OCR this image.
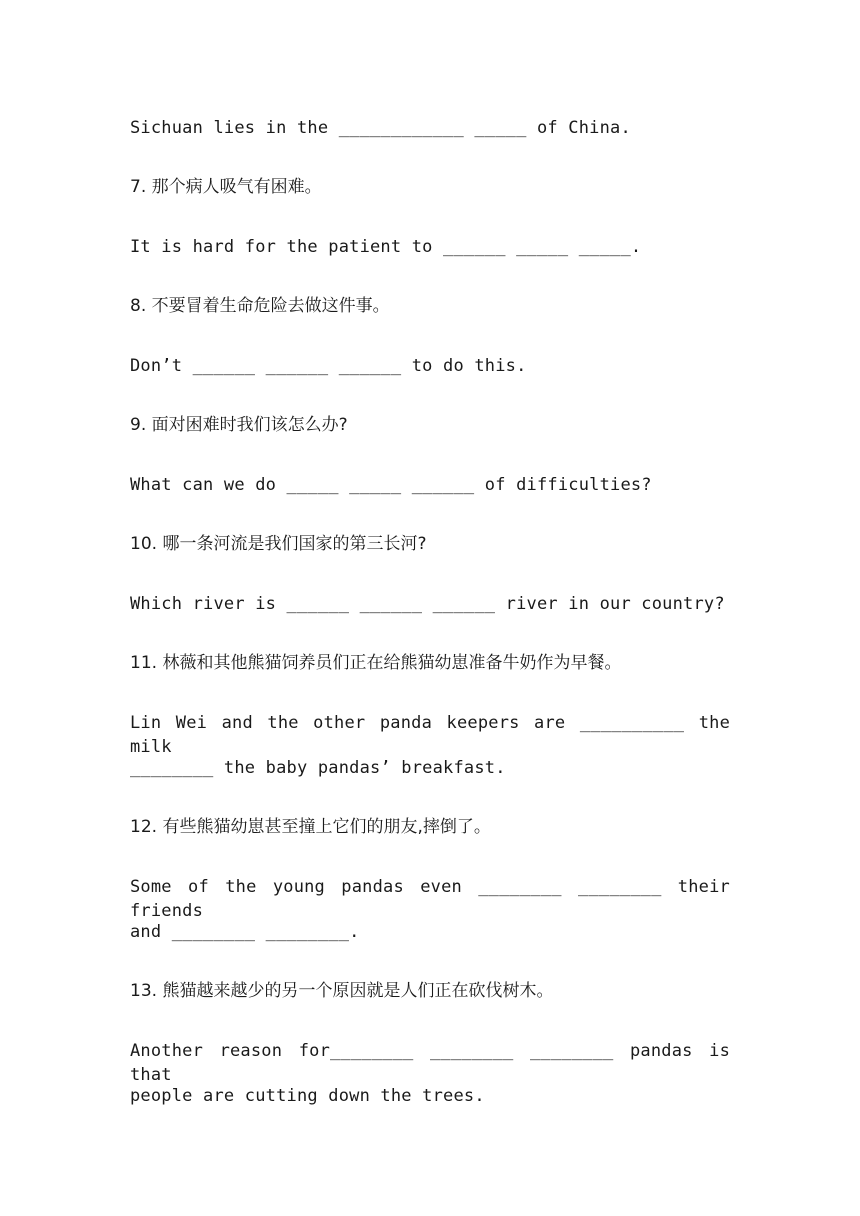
Sichuan lies in the ____________ _____ of China.
7. 那个病人吸气有困难。
It is hard for the patient to ______ _____ _____.
8. 不要冒着生命危险去做这件事。
Don’t ______ ______ ______ to do this.
9. 面对困难时我们该怎么办?
What can we do _____ _____ ______ of difficulties?
10. 哪一条河流是我们国家的第三长河?
Which river is ______ ______ ______ river in our country?
11. 林薇和其他熊猫饲养员们正在给熊猫幼崽准备牛奶作为早餐。
Lin Wei and the other panda keepers are __________ the milk
________ the baby pandas’ breakfast.
12. 有些熊猫幼崽甚至撞上它们的朋友,摔倒了。
Some of the young pandas even ________ ________ their friends
and ________ ________.
13. 熊猫越来越少的另一个原因就是人们正在砍伐树木。
Another reason for________ ________ ________ pandas is that
people are cutting down the trees.
